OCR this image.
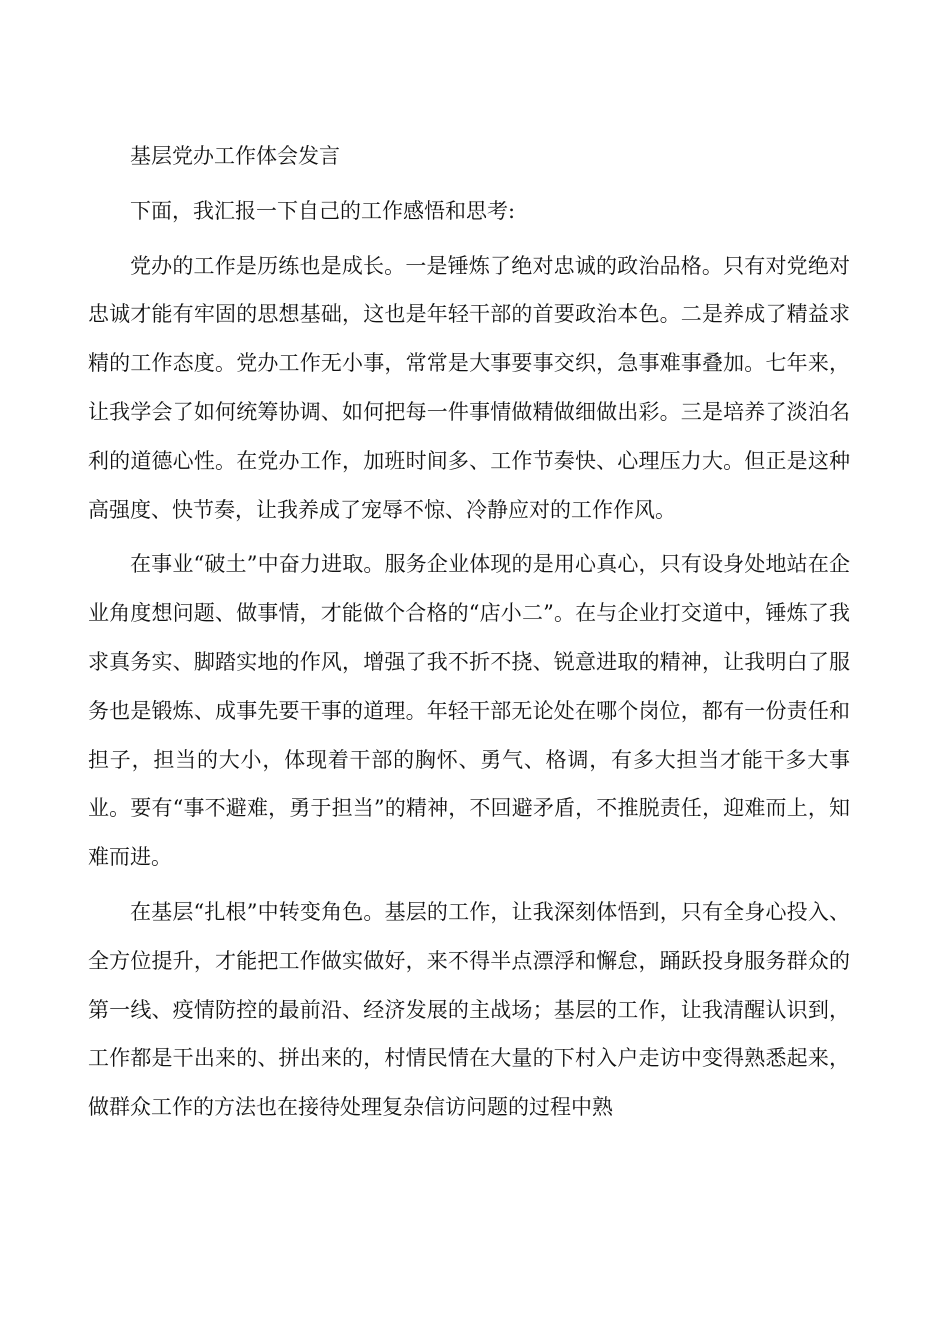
基层党办工作体会发言

下面，我汇报一下自己的工作感悟和思考:

党办的工作是历练也是成长。一是锤炼了绝对忠诚的政治品格。只有对党绝对忠诚才能有牢固的思想基础，这也是年轻干部的首要政治本色。二是养成了精益求精的工作态度。党办工作无小事，常常是大事要事交织，急事难事叠加。七年来，让我学会了如何统筹协调、如何把每一件事情做精做细做出彩。三是培养了淡泊名利的道德心性。在党办工作，加班时间多、工作节奏快、心理压力大。但正是这种高强度、快节奏，让我养成了宠辱不惊、冷静应对的工作作风。

在事业“破土”中奋力进取。服务企业体现的是用心真心，只有设身处地站在企业角度想问题、做事情，才能做个合格的“店小二”。在与企业打交道中，锤炼了我求真务实、脚踏实地的作风，增强了我不折不挠、锐意进取的精神，让我明白了服务也是锻炼、成事先要干事的道理。年轻干部无论处在哪个岗位，都有一份责任和担子，担当的大小，体现着干部的胸怀、勇气、格调，有多大担当才能干多大事业。要有“事不避难，勇于担当”的精神，不回避矛盾，不推脱责任，迎难而上，知难而进。

在基层“扎根”中转变角色。基层的工作，让我深刻体悟到，只有全身心投入、全方位提升，才能把工作做实做好，来不得半点漂浮和懈怠，踊跃投身服务群众的第一线、疫情防控的最前沿、经济发展的主战场；基层的工作，让我清醒认识到，工作都是干出来的、拼出来的，村情民情在大量的下村入户走访中变得熟悉起来，做群众工作的方法也在接待处理复杂信访问题的过程中熟
